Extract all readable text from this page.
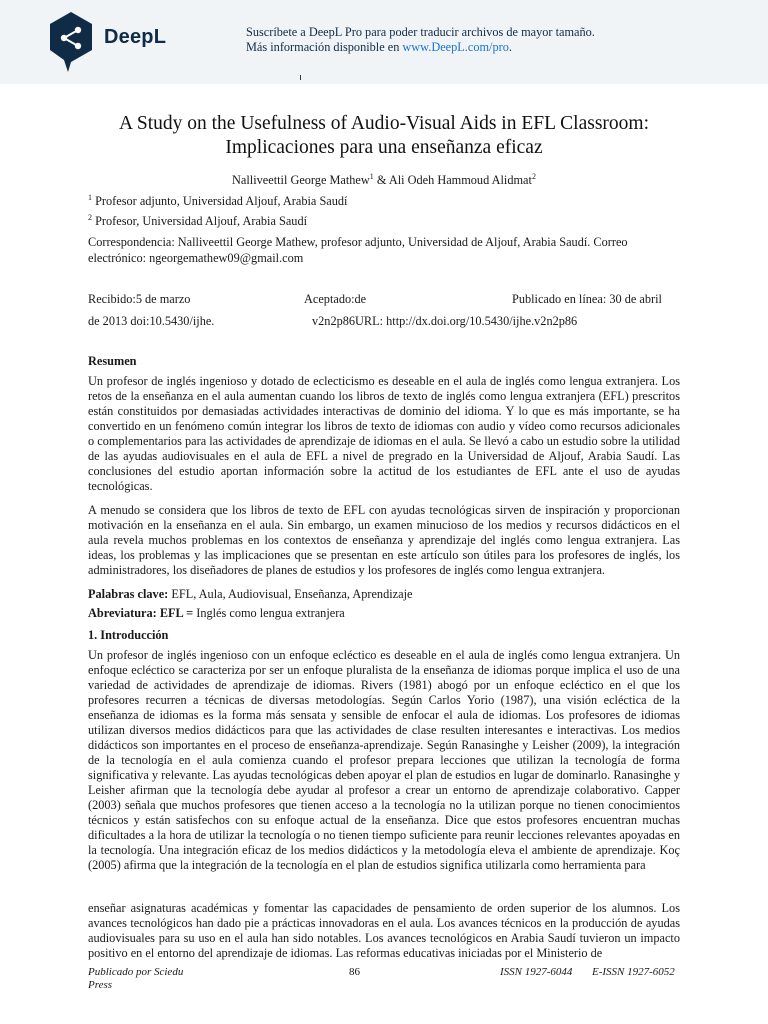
DeepL	Suscríbete a DeepL Pro para poder traducir archivos de mayor tamaño.
Más información disponible en www.DeepL.com/pro.
A Study on the Usefulness of Audio-Visual Aids in EFL Classroom:
Implicaciones para una enseñanza eficaz
Nalliveettil George Mathew$^1$ & Ali Odeh Hammoud Alidmat$^2$
$^1$ Profesor adjunto, Universidad Aljouf, Arabia Saudí
$^2$ Profesor, Universidad Aljouf, Arabia Saudí
Correspondencia: Nalliveettil George Mathew, profesor adjunto, Universidad de Aljouf, Arabia Saudí. Correo
electrónico: ngeorgemathew09@gmail.com
Recibido:5 de marzo	Aceptado:de	Publicado en línea: 30 de abril
de 2013 doi:10.5430/ijhe.	v2n2p86URL: http://dx.doi.org/10.5430/ijhe.v2n2p86
Resumen
Un profesor de inglés ingenioso y dotado de eclecticismo es deseable en el aula de inglés como lengua extranjera. Los retos de la enseñanza en el aula aumentan cuando los libros de texto de inglés como lengua extranjera (EFL) prescritos están constituidos por demasiadas actividades interactivas de dominio del idioma. Y lo que es más importante, se ha convertido en un fenómeno común integrar los libros de texto de idiomas con audio y vídeo como recursos adicionales o complementarios para las actividades de aprendizaje de idiomas en el aula. Se llevó a cabo un estudio sobre la utilidad de las ayudas audiovisuales en el aula de EFL a nivel de pregrado en la Universidad de Aljouf, Arabia Saudí. Las conclusiones del estudio aportan información sobre la actitud de los estudiantes de EFL ante el uso de ayudas tecnológicas.
A menudo se considera que los libros de texto de EFL con ayudas tecnológicas sirven de inspiración y proporcionan motivación en la enseñanza en el aula. Sin embargo, un examen minucioso de los medios y recursos didácticos en el aula revela muchos problemas en los contextos de enseñanza y aprendizaje del inglés como lengua extranjera. Las ideas, los problemas y las implicaciones que se presentan en este artículo son útiles para los profesores de inglés, los administradores, los diseñadores de planes de estudios y los profesores de inglés como lengua extranjera.
Palabras clave: EFL, Aula, Audiovisual, Enseñanza, Aprendizaje
Abreviatura: EFL = Inglés como lengua extranjera
1. Introducción
Un profesor de inglés ingenioso con un enfoque ecléctico es deseable en el aula de inglés como lengua extranjera. Un enfoque ecléctico se caracteriza por ser un enfoque pluralista de la enseñanza de idiomas porque implica el uso de una variedad de actividades de aprendizaje de idiomas. Rivers (1981) abogó por un enfoque ecléctico en el que los profesores recurren a técnicas de diversas metodologías. Según Carlos Yorio (1987), una visión ecléctica de la enseñanza de idiomas es la forma más sensata y sensible de enfocar el aula de idiomas. Los profesores de idiomas utilizan diversos medios didácticos para que las actividades de clase resulten interesantes e interactivas. Los medios didácticos son importantes en el proceso de enseñanza-aprendizaje. Según Ranasinghe y Leisher (2009), la integración de la tecnología en el aula comienza cuando el profesor prepara lecciones que utilizan la tecnología de forma significativa y relevante. Las ayudas tecnológicas deben apoyar el plan de estudios en lugar de dominarlo. Ranasinghe y Leisher afirman que la tecnología debe ayudar al profesor a crear un entorno de aprendizaje colaborativo. Capper (2003) señala que muchos profesores que tienen acceso a la tecnología no la utilizan porque no tienen conocimientos técnicos y están satisfechos con su enfoque actual de la enseñanza. Dice que estos profesores encuentran muchas dificultades a la hora de utilizar la tecnología o no tienen tiempo suficiente para reunir lecciones relevantes apoyadas en la tecnología. Una integración eficaz de los medios didácticos y la metodología eleva el ambiente de aprendizaje. Koç (2005) afirma que la integración de la tecnología en el plan de estudios significa utilizarla como herramienta para
enseñar asignaturas académicas y fomentar las capacidades de pensamiento de orden superior de los alumnos. Los avances tecnológicos han dado pie a prácticas innovadoras en el aula. Los avances técnicos en la producción de ayudas audiovisuales para su uso en el aula han sido notables. Los avances tecnológicos en Arabia Saudí tuvieron un impacto positivo en el entorno del aprendizaje de idiomas. Las reformas educativas iniciadas por el Ministerio de
Publicado por Sciedu
Press
86	ISSN 1927-6044 E-ISSN 1927-6052
